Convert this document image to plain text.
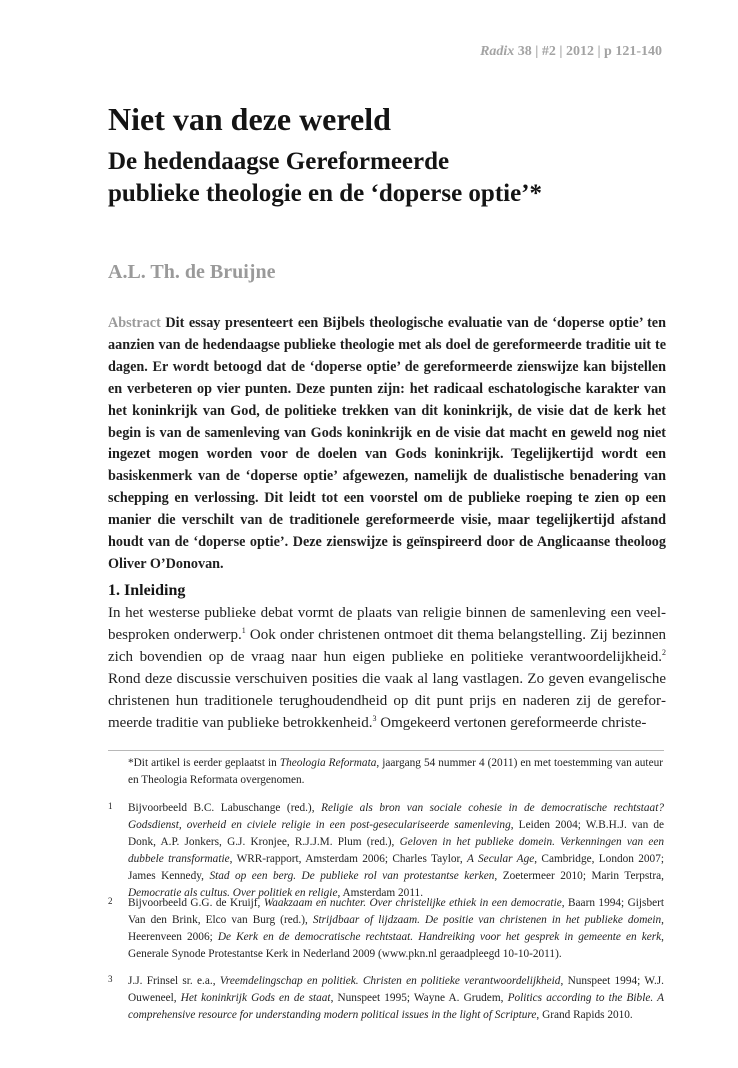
Radix 38 | #2 | 2012 | p 121-140
Niet van deze wereld
De hedendaagse Gereformeerde
publieke theologie en de ‘doperse optie’*

A.L. Th. de Bruijne

Abstract Dit essay presenteert een Bijbels theologische evaluatie van de ‘doperse optie’ ten aanzien van de hedendaagse publieke theologie met als doel de gereformeerde traditie uit te dagen. Er wordt betoogd dat de ‘doperse optie’ de gereformeerde zienswijze kan bijstellen en verbeteren op vier punten. Deze punten zijn: het radicaal eschatologische karakter van het koninkrijk van God, de politieke trekken van dit koninkrijk, de visie dat de kerk het begin is van de samenleving van Gods koninkrijk en de visie dat macht en geweld nog niet ingezet mogen worden voor de doelen van Gods koninkrijk. Tegelijkertijd wordt een basiskenmerk van de ‘doperse optie’ afgewezen, namelijk de dualistische benadering van schepping en verlossing. Dit leidt tot een voorstel om de publieke roeping te zien op een manier die verschilt van de traditionele gereformeerde visie, maar tegelijkertijd afstand houdt van de ‘doperse optie’. Deze zienswijze is geïnspireerd door de Anglicaanse theoloog Oliver O’Donovan.

1. Inleiding

In het westerse publieke debat vormt de plaats van religie binnen de samenleving een veelbesproken onderwerp.$^1$ Ook onder christenen ontmoet dit thema belangstelling. Zij bezinnen zich bovendien op de vraag naar hun eigen publieke en politieke verantwoordelijkheid.$^2$ Rond deze discussie verschuiven posities die vaak al lang vastlagen. Zo geven evangelische christenen hun traditionele terughoudendheid op dit punt prijs en naderen zij de gereformeerde traditie van publieke betrokkenheid.$^3$ Omgekeerd vertonen gereformeerde christe-

*Dit artikel is eerder geplaatst in Theologia Reformata, jaargang 54 nummer 4 (2011) en met toestemming van auteur en Theologia Reformata overgenomen.

1 Bijvoorbeeld B.C. Labuschange (red.), Religie als bron van sociale cohesie in de democratische rechtstaat? Godsdienst, overheid en civiele religie in een post-geseculariseerde samenleving, Leiden 2004; W.B.H.J. van de Donk, A.P. Jonkers, G.J. Kronjee, R.J.J.M. Plum (red.), Geloven in het publieke domein. Verkenningen van een dubbele transformatie, WRR-rapport, Amsterdam 2006; Charles Taylor, A Secular Age, Cambridge, London 2007; James Kennedy, Stad op een berg. De publieke rol van protestantse kerken, Zoetermeer 2010; Marin Terpstra, Democratie als cultus. Over politiek en religie, Amsterdam 2011.
2 Bijvoorbeeld G.G. de Kruijf, Waakzaam en nuchter. Over christelijke ethiek in een democratie, Baarn 1994; Gijsbert Van den Brink, Elco van Burg (red.), Strijdbaar of lijdzaam. De positie van christenen in het publieke domein, Heerenveen 2006; De Kerk en de democratische rechtstaat. Handreiking voor het gesprek in gemeente en kerk, Generale Synode Protestantse Kerk in Nederland 2009 (www.pkn.nl geraadpleegd 10-10-2011).
3 J.J. Frinsel sr. e.a., Vreemdelingschap en politiek. Christen en politieke verantwoordelijkheid, Nunspeet 1994; W.J. Ouweneel, Het koninkrijk Gods en de staat, Nunspeet 1995; Wayne A. Grudem, Politics according to the Bible. A comprehensive resource for understanding modern political issues in the light of Scripture, Grand Rapids 2010.
